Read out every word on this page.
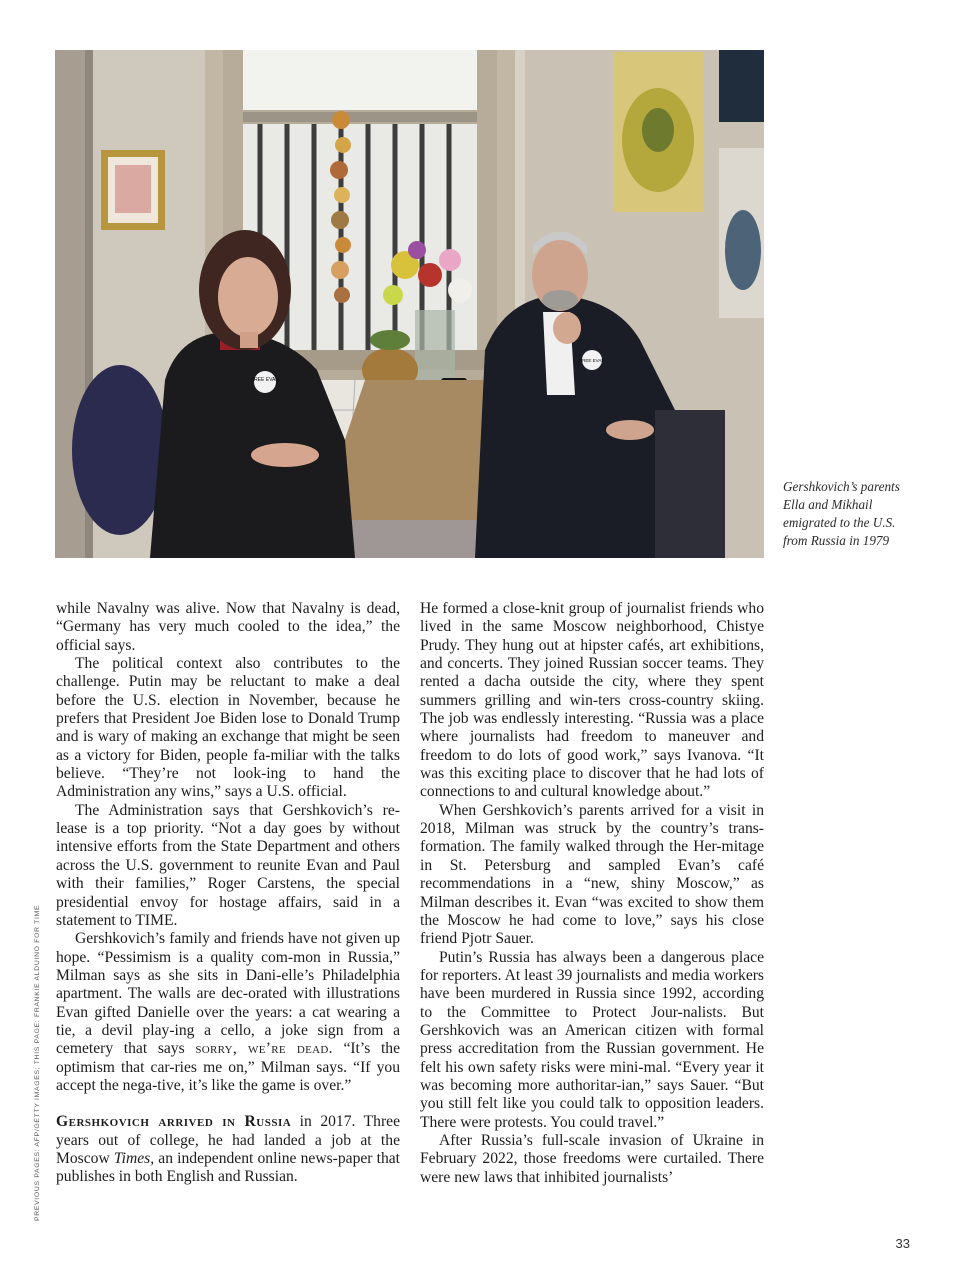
FREE EVAN
FREE EVAN
Gershkovich’s parents Ella and Mikhail emigrated to the U.S. from Russia in 1979
PREVIOUS PAGES: AFP/GETTY IMAGES; THIS PAGE: FRANKIE ALDUINO FOR TIME

while Navalny was alive. Now that Navalny is dead, “Germany has very much cooled to the idea,” the official says.

The political context also contributes to the challenge. Putin may be reluctant to make a deal before the U.S. election in November, because he prefers that President Joe Biden lose to Donald Trump and is wary of making an exchange that might be seen as a victory for Biden, people fa-miliar with the talks believe. “They’re not look-ing to hand the Administration any wins,” says a U.S. official.

The Administration says that Gershkovich’s re-lease is a top priority. “Not a day goes by without intensive efforts from the State Department and others across the U.S. government to reunite Evan and Paul with their families,” Roger Carstens, the special presidential envoy for hostage affairs, said in a statement to TIME.

Gershkovich’s family and friends have not given up hope. “Pessimism is a quality com-mon in Russia,” Milman says as she sits in Dani-elle’s Philadelphia apartment. The walls are dec-orated with illustrations Evan gifted Danielle over the years: a cat wearing a tie, a devil play-ing a cello, a joke sign from a cemetery that says sorry, we’re dead. “It’s the optimism that car-ries me on,” Milman says. “If you accept the nega-tive, it’s like the game is over.”

Gershkovich arrived in Russia in 2017. Three years out of college, he had landed a job at the Moscow Times, an independent online news-paper that publishes in both English and Russian.

He formed a close-knit group of journalist friends who lived in the same Moscow neighborhood, Chistye Prudy. They hung out at hipster cafés, art exhibitions, and concerts. They joined Russian soccer teams. They rented a dacha outside the city, where they spent summers grilling and win-ters cross-country skiing. The job was endlessly interesting. “Russia was a place where journalists had freedom to maneuver and freedom to do lots of good work,” says Ivanova. “It was this exciting place to discover that he had lots of connections to and cultural knowledge about.”

When Gershkovich’s parents arrived for a visit in 2018, Milman was struck by the country’s trans-formation. The family walked through the Her-mitage in St. Petersburg and sampled Evan’s café recommendations in a “new, shiny Moscow,” as Milman describes it. Evan “was excited to show them the Moscow he had come to love,” says his close friend Pjotr Sauer.

Putin’s Russia has always been a dangerous place for reporters. At least 39 journalists and media workers have been murdered in Russia since 1992, according to the Committee to Protect Jour-nalists. But Gershkovich was an American citizen with formal press accreditation from the Russian government. He felt his own safety risks were mini-mal. “Every year it was becoming more authoritar-ian,” says Sauer. “But you still felt like you could talk to opposition leaders. There were protests. You could travel.”

After Russia’s full-scale invasion of Ukraine in February 2022, those freedoms were curtailed. There were new laws that inhibited journalists’

33
